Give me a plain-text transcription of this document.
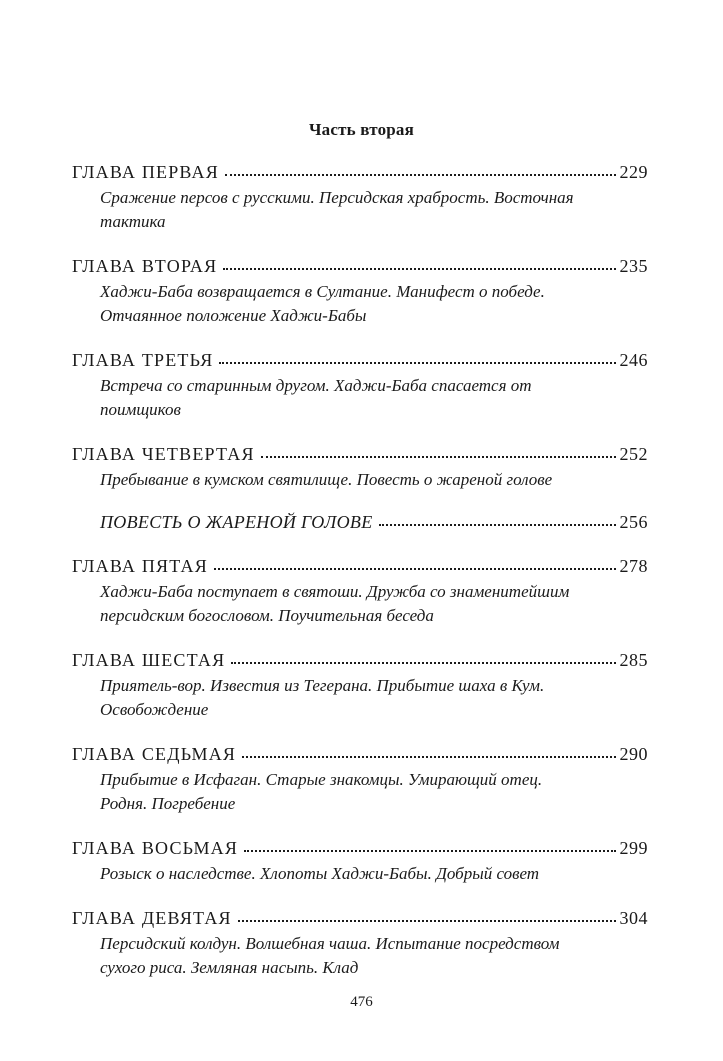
Часть вторая
ГЛАВА ПЕРВАЯ	229
Сражение персов с русскими. Персидская храбрость. Восточная
тактика
ГЛАВА ВТОРАЯ	235
Хаджи-Баба возвращается в Султание. Манифест о победе.
Отчаянное положение Хаджи-Бабы
ГЛАВА ТРЕТЬЯ	246
Встреча со старинным другом. Хаджи-Баба спасается от
поимщиков
ГЛАВА ЧЕТВЕРТАЯ	252
Пребывание в кумском святилище. Повесть о жареной голове
ПОВЕСТЬ О ЖАРЕНОЙ ГОЛОВЕ	256
ГЛАВА ПЯТАЯ	278
Хаджи-Баба поступает в святоши. Дружба со знаменитейшим
персидским богословом. Поучительная беседа
ГЛАВА ШЕСТАЯ	285
Приятель-вор. Известия из Тегерана. Прибытие шаха в Кум.
Освобождение
ГЛАВА СЕДЬМАЯ	290
Прибытие в Исфаган. Старые знакомцы. Умирающий отец.
Родня. Погребение
ГЛАВА ВОСЬМАЯ	299
Розыск о наследстве. Хлопоты Хаджи-Бабы. Добрый совет
ГЛАВА ДЕВЯТАЯ	304
Персидский колдун. Волшебная чаша. Испытание посредством
сухого риса. Земляная насыпь. Клад
476
